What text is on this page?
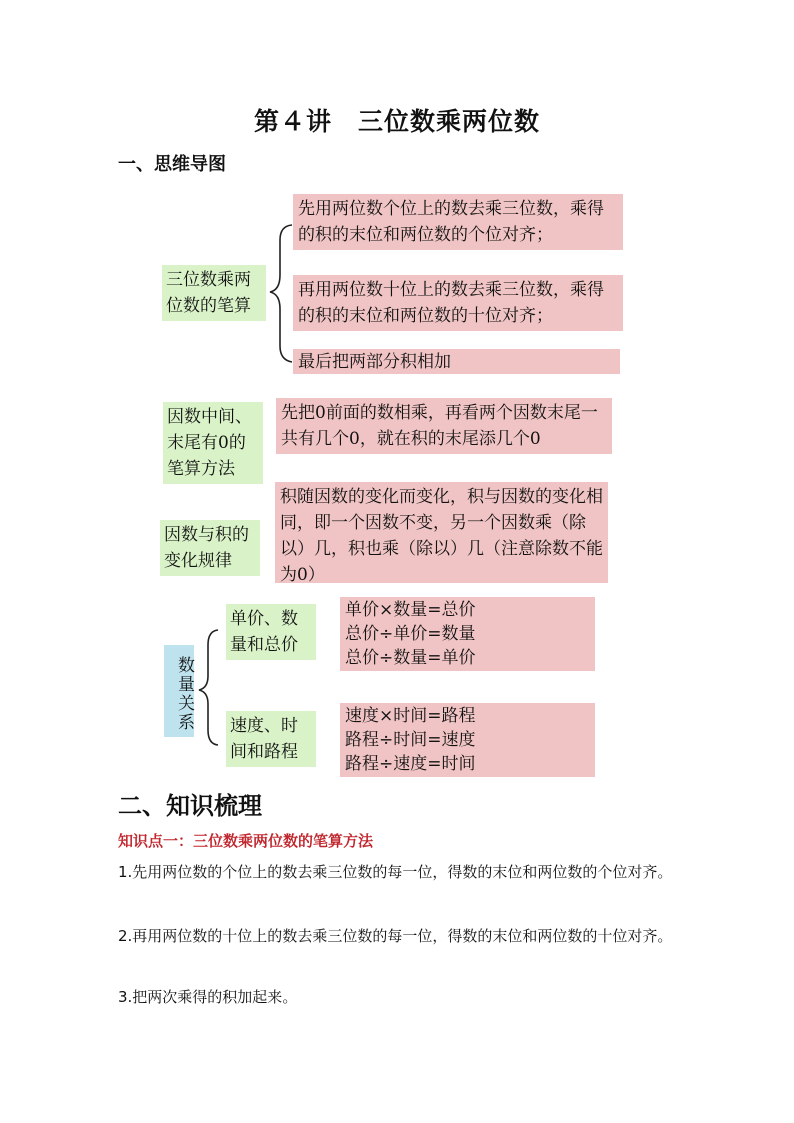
第４讲　三位数乘两位数
一、思维导图
三位数乘两位数的笔算
先用两位数个位上的数去乘三位数，乘得的积的末位和两位数的个位对齐；
再用两位数十位上的数去乘三位数，乘得的积的末位和两位数的十位对齐；
最后把两部分积相加
因数中间、末尾有0的笔算方法
先把0前面的数相乘，再看两个因数末尾一共有几个0，就在积的末尾添几个0
因数与积的变化规律
积随因数的变化而变化，积与因数的变化相同，即一个因数不变，另一个因数乘（除以）几，积也乘（除以）几（注意除数不能为0）
数量关系
单价、数量和总价
单价×数量=总价
总价÷单价=数量
总价÷数量=单价
速度、时间和路程
速度×时间=路程
路程÷时间=速度
路程÷速度=时间
二、知识梳理
知识点一：三位数乘两位数的笔算方法
1.先用两位数的个位上的数去乘三位数的每一位，得数的末位和两位数的个位对齐。
2.再用两位数的十位上的数去乘三位数的每一位，得数的末位和两位数的十位对齐。
3.把两次乘得的积加起来。
